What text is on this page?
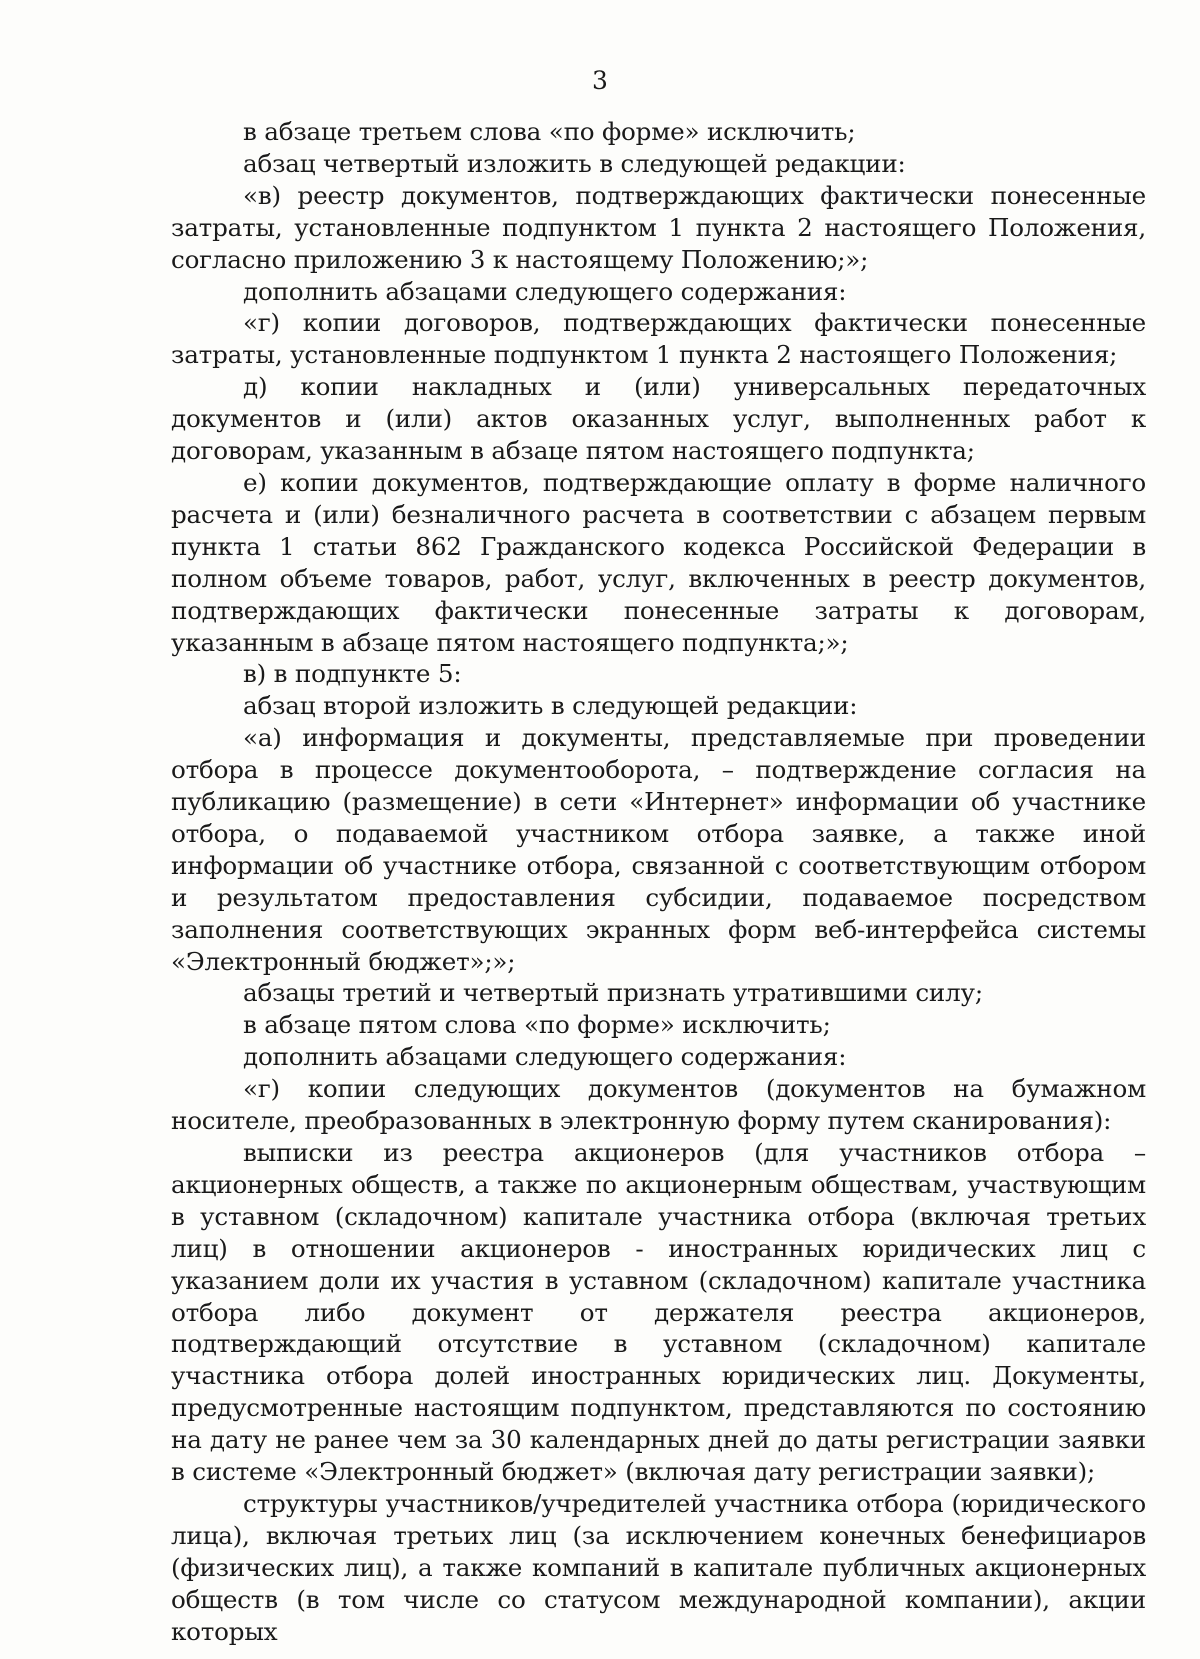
3

в абзаце третьем слова «по форме» исключить;

абзац четвертый изложить в следующей редакции:

«в) реестр документов, подтверждающих фактически понесенные затраты, установленные подпунктом 1 пункта 2 настоящего Положения, согласно приложению 3 к настоящему Положению;»;

дополнить абзацами следующего содержания:

«г) копии договоров, подтверждающих фактически понесенные затраты, установленные подпунктом 1 пункта 2 настоящего Положения;

д) копии накладных и (или) универсальных передаточных документов и (или) актов оказанных услуг, выполненных работ к договорам, указанным в абзаце пятом настоящего подпункта;

е) копии документов, подтверждающие оплату в форме наличного расчета и (или) безналичного расчета в соответствии с абзацем первым пункта 1 статьи 862 Гражданского кодекса Российской Федерации в полном объеме товаров, работ, услуг, включенных в реестр документов, подтверждающих фактически понесенные затраты к договорам, указанным в абзаце пятом настоящего подпункта;»;

в) в подпункте 5:

абзац второй изложить в следующей редакции:

«а) информация и документы, представляемые при проведении отбора в процессе документооборота, – подтверждение согласия на публикацию (размещение) в сети «Интернет» информации об участнике отбора, о подаваемой участником отбора заявке, а также иной информации об участнике отбора, связанной с соответствующим отбором и результатом предоставления субсидии, подаваемое посредством заполнения соответствующих экранных форм веб-интерфейса системы «Электронный бюджет»;»;

абзацы третий и четвертый признать утратившими силу;

в абзаце пятом слова «по форме» исключить;

дополнить абзацами следующего содержания:

«г) копии следующих документов (документов на бумажном носителе, преобразованных в электронную форму путем сканирования):

выписки из реестра акционеров (для участников отбора – акционерных обществ, а также по акционерным обществам, участвующим в уставном (складочном) капитале участника отбора (включая третьих лиц) в отношении акционеров - иностранных юридических лиц с указанием доли их участия в уставном (складочном) капитале участника отбора либо документ от держателя реестра акционеров, подтверждающий отсутствие в уставном (складочном) капитале участника отбора долей иностранных юридических лиц. Документы, предусмотренные настоящим подпунктом, представляются по состоянию на дату не ранее чем за 30 календарных дней до даты регистрации заявки в системе «Электронный бюджет» (включая дату регистрации заявки);

структуры участников/учредителей участника отбора (юридического лица), включая третьих лиц (за исключением конечных бенефициаров (физических лиц), а также компаний в капитале публичных акционерных обществ (в том числе со статусом международной компании), акции которых
